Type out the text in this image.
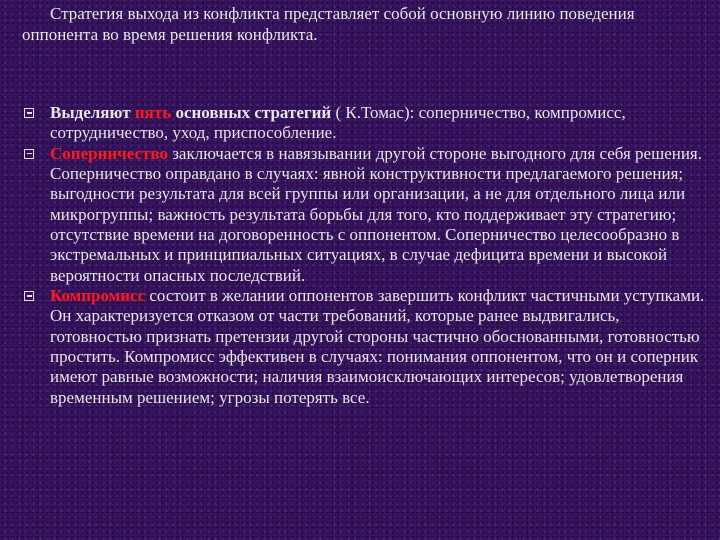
Стратегия выхода из конфликта представляет собой основную линию поведения оппонента во время решения конфликта.

Выделяют пять основных стратегий ( К.Томас): соперничество, компромисс, сотрудничество, уход, приспособление.
Соперничество заключается в навязывании другой стороне выгодного для себя решения. Соперничество оправдано в случаях: явной конструктивности предлагаемого решения; выгодности результата для всей группы или организации, а не для отдельного лица или микрогруппы; важность результата борьбы для того, кто поддерживает эту стратегию; отсутствие времени на договоренность с оппонентом. Соперничество целесообразно в экстремальных и принципиальных ситуациях, в случае дефицита времени и высокой вероятности опасных последствий.
Компромисс состоит в желании оппонентов завершить конфликт частичными уступками. Он характеризуется отказом от части требований, которые ранее выдвигались, готовностью признать претензии другой стороны частично обоснованными, готовностью простить. Компромисс эффективен в случаях: понимания оппонентом, что он и соперник имеют равные возможности; наличия взаимоисключающих интересов; удовлетворения временным решением; угрозы потерять все.
